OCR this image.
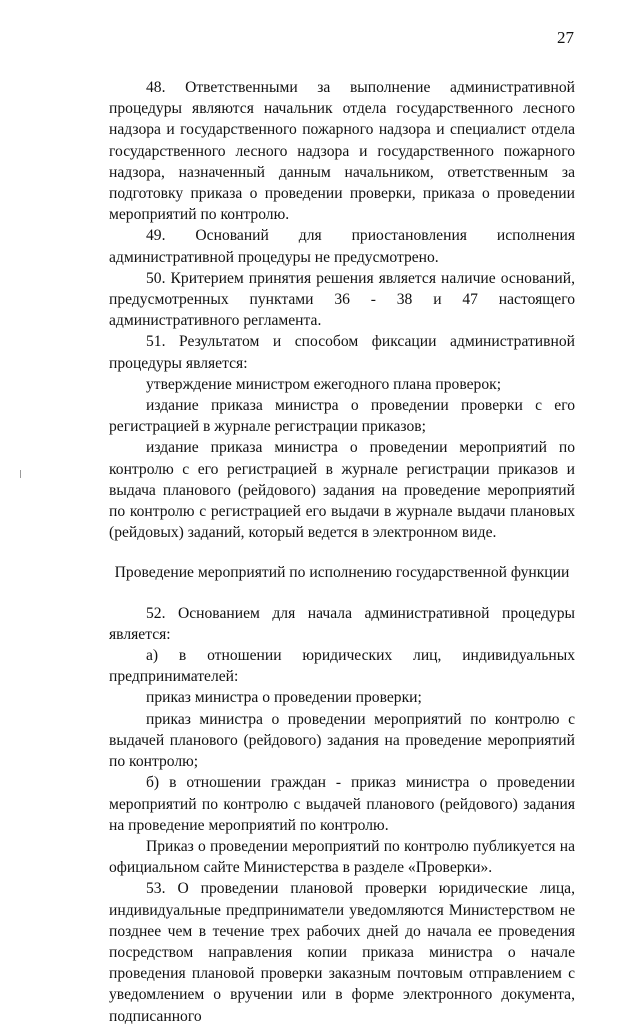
27

48. Ответственными за выполнение административной процедуры являются начальник отдела государственного лесного надзора и государственного пожарного надзора и специалист отдела государственного лесного надзора и государственного пожарного надзора, назначенный данным начальником, ответственным за подготовку приказа о проведении проверки, приказа о проведении мероприятий по контролю.

49. Оснований для приостановления исполнения административной процедуры не предусмотрено.

50. Критерием принятия решения является наличие оснований, предусмотренных пунктами 36 - 38 и 47 настоящего административного регламента.

51. Результатом и способом фиксации административной процедуры является:

утверждение министром ежегодного плана проверок;

издание приказа министра о проведении проверки с его регистрацией в журнале регистрации приказов;

издание приказа министра о проведении мероприятий по контролю с его регистрацией в журнале регистрации приказов и выдача планового (рейдового) задания на проведение мероприятий по контролю с регистрацией его выдачи в журнале выдачи плановых (рейдовых) заданий, который ведется в электронном виде.

Проведение мероприятий по исполнению государственной функции

52. Основанием для начала административной процедуры является:

а) в отношении юридических лиц, индивидуальных предпринимателей:

приказ министра о проведении проверки;

приказ министра о проведении мероприятий по контролю с выдачей планового (рейдового) задания на проведение мероприятий по контролю;

б) в отношении граждан - приказ министра о проведении мероприятий по контролю с выдачей планового (рейдового) задания на проведение мероприятий по контролю.

Приказ о проведении мероприятий по контролю публикуется на официальном сайте Министерства в разделе «Проверки».

53. О проведении плановой проверки юридические лица, индивидуальные предприниматели уведомляются Министерством не позднее чем в течение трех рабочих дней до начала ее проведения посредством направления копии приказа министра о начале проведения плановой проверки заказным почтовым отправлением с уведомлением о вручении или в форме электронного документа, подписанного
